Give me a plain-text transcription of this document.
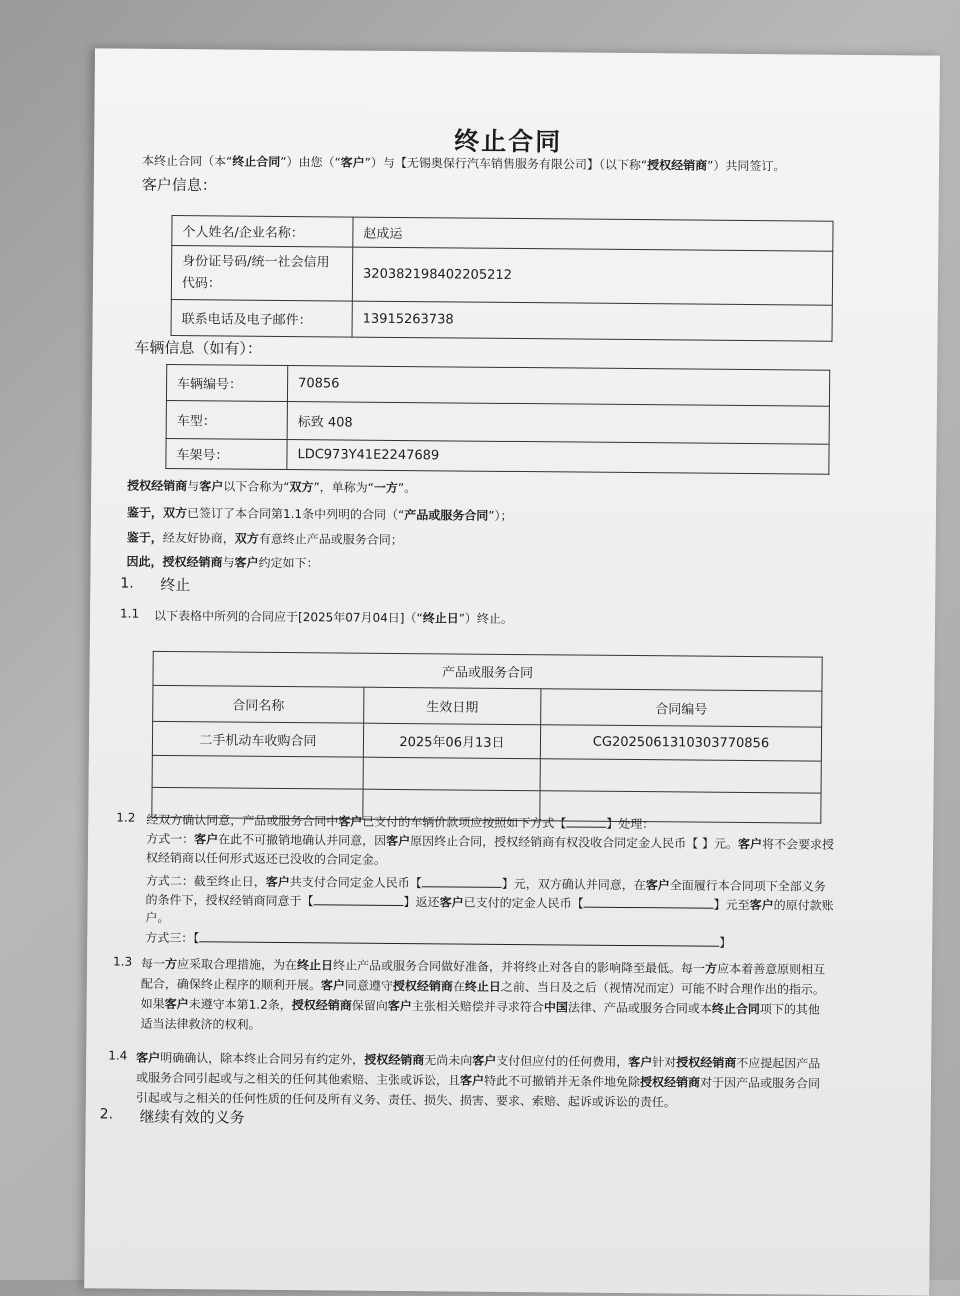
终止合同
本终止合同（本“终止合同”）由您（“客户”）与【无锡奥保行汽车销售服务有限公司】（以下称“授权经销商”）共同签订。
客户信息：
个人姓名/企业名称：	赵成运
身份证号码/统一社会信用代码：	320382198402205212
联系电话及电子邮件：	13915263738
车辆信息（如有）：
车辆编号：	70856
车型：	标致 408
车架号：	LDC973Y41E2247689
授权经销商与客户以下合称为“双方”，单称为“一方”。
鉴于，双方已签订了本合同第1.1条中列明的合同（“产品或服务合同”）；
鉴于，经友好协商，双方有意终止产品或服务合同；
因此，授权经销商与客户约定如下：
1. 终止
1.1 以下表格中所列的合同应于[2025年07月04日]（“终止日”）终止。
产品或服务合同		
合同名称	生效日期	合同编号
二手机动车收购合同	2025年06月13日	CG2025061310303770856

1.2 经双方确认同意，产品或服务合同中客户已支付的车辆价款项应按照如下方式【	】处理：
方式一：客户在此不可撤销地确认并同意，因客户原因终止合同，授权经销商有权没收合同定金人民币【 】元。客户将不会要求授
权经销商以任何形式返还已没收的合同定金。
方式二：截至终止日，客户共支付合同定金人民币【	】元，双方确认并同意，在客户全面履行本合同项下全部义务
的条件下，授权经销商同意于【	】返还客户已支付的定金人民币【	】元至客户的原付款账
户。
方式三：【	】
1.3 每一方应采取合理措施，为在终止日终止产品或服务合同做好准备，并将终止对各自的影响降至最低。每一方应本着善意原则相互
配合，确保终止程序的顺利开展。客户同意遵守授权经销商在终止日之前、当日及之后（视情况而定）可能不时合理作出的指示。
如果客户未遵守本第1.2条，授权经销商保留向客户主张相关赔偿并寻求符合中国法律、产品或服务合同或本终止合同项下的其他
适当法律救济的权利。
1.4 客户明确确认，除本终止合同另有约定外，授权经销商无尚未向客户支付但应付的任何费用，客户针对授权经销商不应提起因产品
或服务合同引起或与之相关的任何其他索赔、主张或诉讼，且客户特此不可撤销并无条件地免除授权经销商对于因产品或服务合同
引起或与之相关的任何性质的任何及所有义务、责任、损失、损害、要求、索赔、起诉或诉讼的责任。
2. 继续有效的义务
